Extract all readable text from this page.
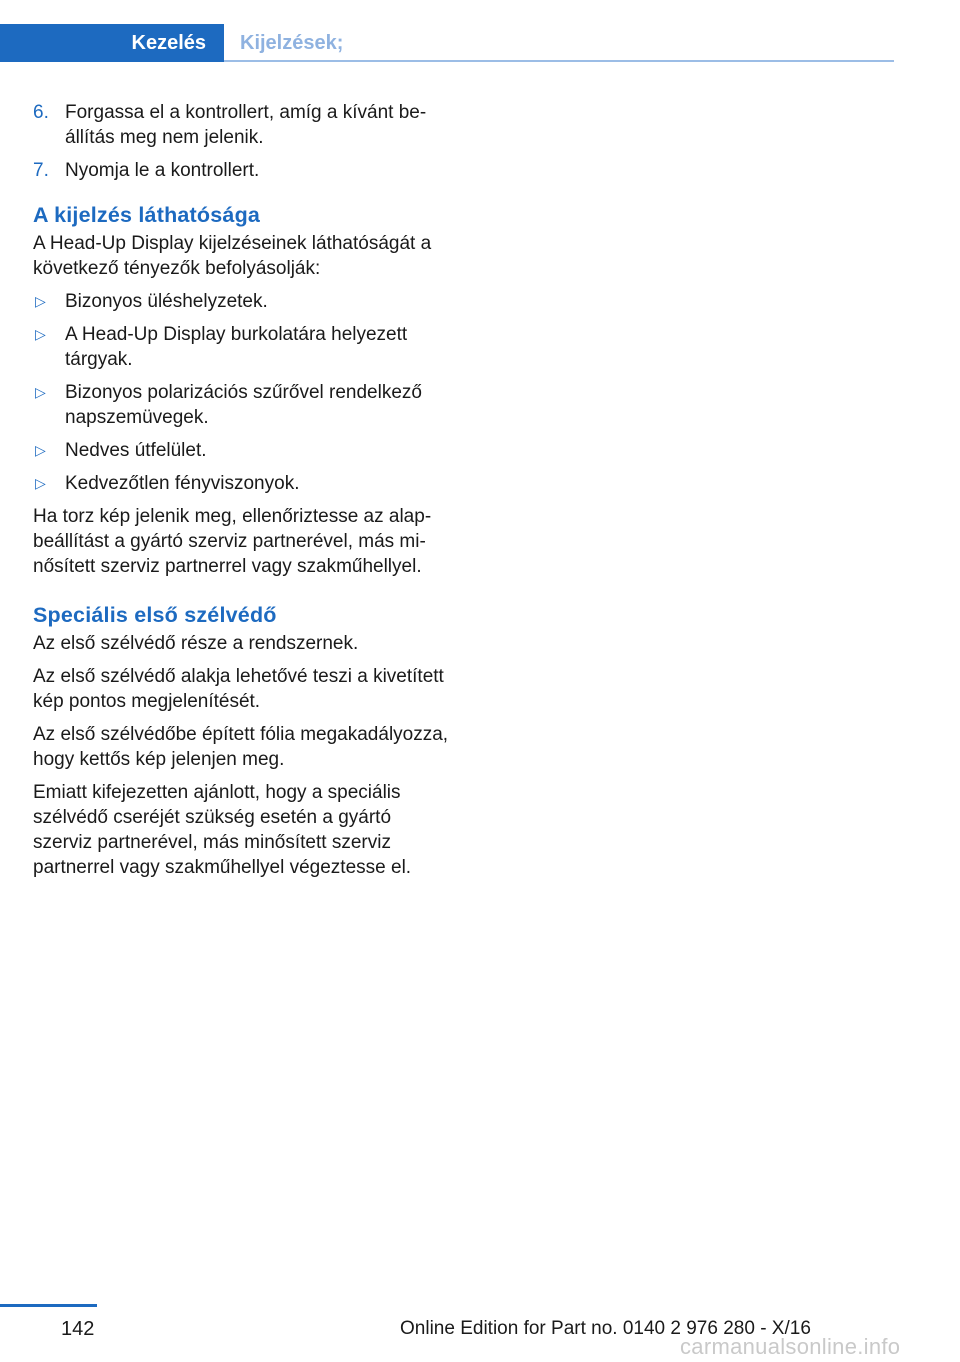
Kezelés	Kijelzések;
6. Forgassa el a kontrollert, amíg a kívánt beállítás meg nem jelenik.
7. Nyomja le a kontrollert.
A kijelzés láthatósága

A Head-Up Display kijelzéseinek láthatóságát a következő tényezők befolyásolják:

▷	Bizonyos üléshelyzetek.
▷	A Head-Up Display burkolatára helyezett tárgyak.
▷	Bizonyos polarizációs szűrővel rendelkező napszemüvegek.
▷	Nedves útfelület.
▷	Kedvezőtlen fényviszonyok.

Ha torz kép jelenik meg, ellenőriztesse az alapbeállítást a gyártó szerviz partnerével, más minősített szerviz partnerrel vagy szakműhellyel.

Speciális első szélvédő

Az első szélvédő része a rendszernek.

Az első szélvédő alakja lehetővé teszi a kivetített kép pontos megjelenítését.

Az első szélvédőbe épített fólia megakadályozza, hogy kettős kép jelenjen meg.

Emiatt kifejezetten ajánlott, hogy a speciális szélvédő cseréjét szükség esetén a gyártó szerviz partnerével, más minősített szerviz partnerrel vagy szakműhellyel végeztesse el.

142	Online Edition for Part no. 0140 2 976 280 - X/16
carmanualsonline.info
